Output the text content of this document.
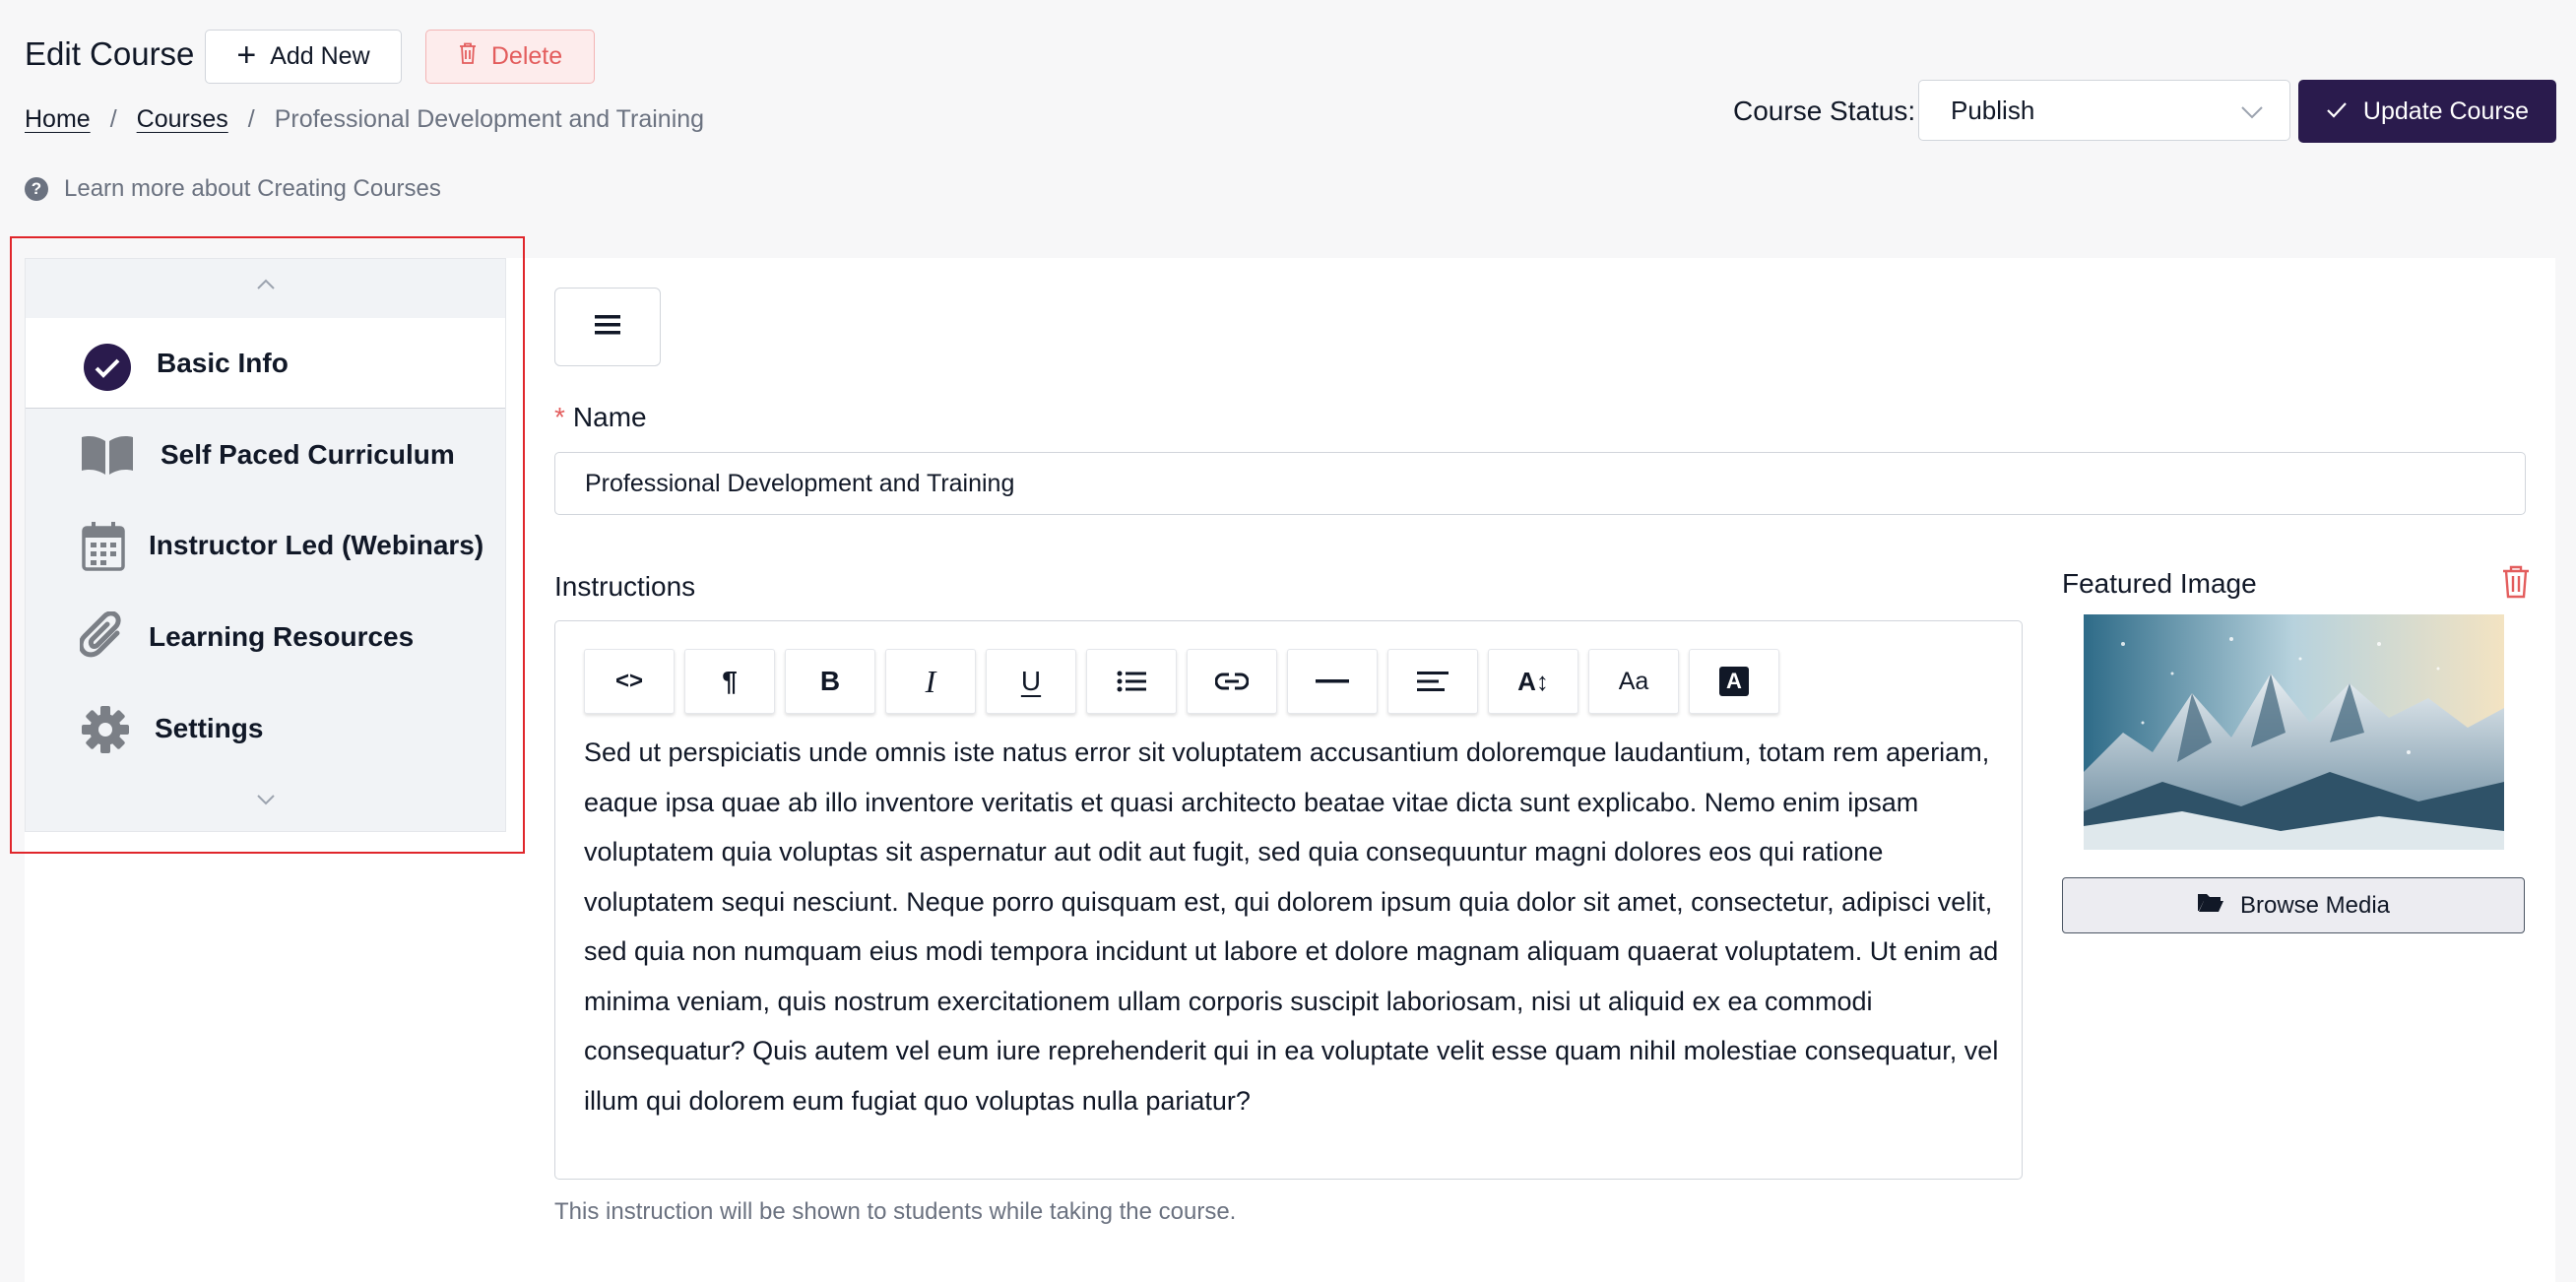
Edit Course + Add New	Delete
Home / Courses / Professional Development and Training
? Learn more about Creating Courses
Course Status: Publish	Update Course
Basic Info
Self Paced Curriculum
Instructor Led (Webinars)
Learning Resources
Settings
* Name
Professional Development and Training
Instructions
<>	¶	B	I	U	A↕	Aa	A
Sed ut perspiciatis unde omnis iste natus error sit voluptatem accusantium doloremque laudantium, totam rem aperiam, eaque ipsa quae ab illo inventore veritatis et quasi architecto beatae vitae dicta sunt explicabo. Nemo enim ipsam voluptatem quia voluptas sit aspernatur aut odit aut fugit, sed quia consequuntur magni dolores eos qui ratione voluptatem sequi nesciunt. Neque porro quisquam est, qui dolorem ipsum quia dolor sit amet, consectetur, adipisci velit, sed quia non numquam eius modi tempora incidunt ut labore et dolore magnam aliquam quaerat voluptatem. Ut enim ad minima veniam, quis nostrum exercitationem ullam corporis suscipit laboriosam, nisi ut aliquid ex ea commodi consequatur? Quis autem vel eum iure reprehenderit qui in ea voluptate velit esse quam nihil molestiae consequatur, vel illum qui dolorem eum fugiat quo voluptas nulla pariatur?
This instruction will be shown to students while taking the course.
Featured Image
Browse Media
